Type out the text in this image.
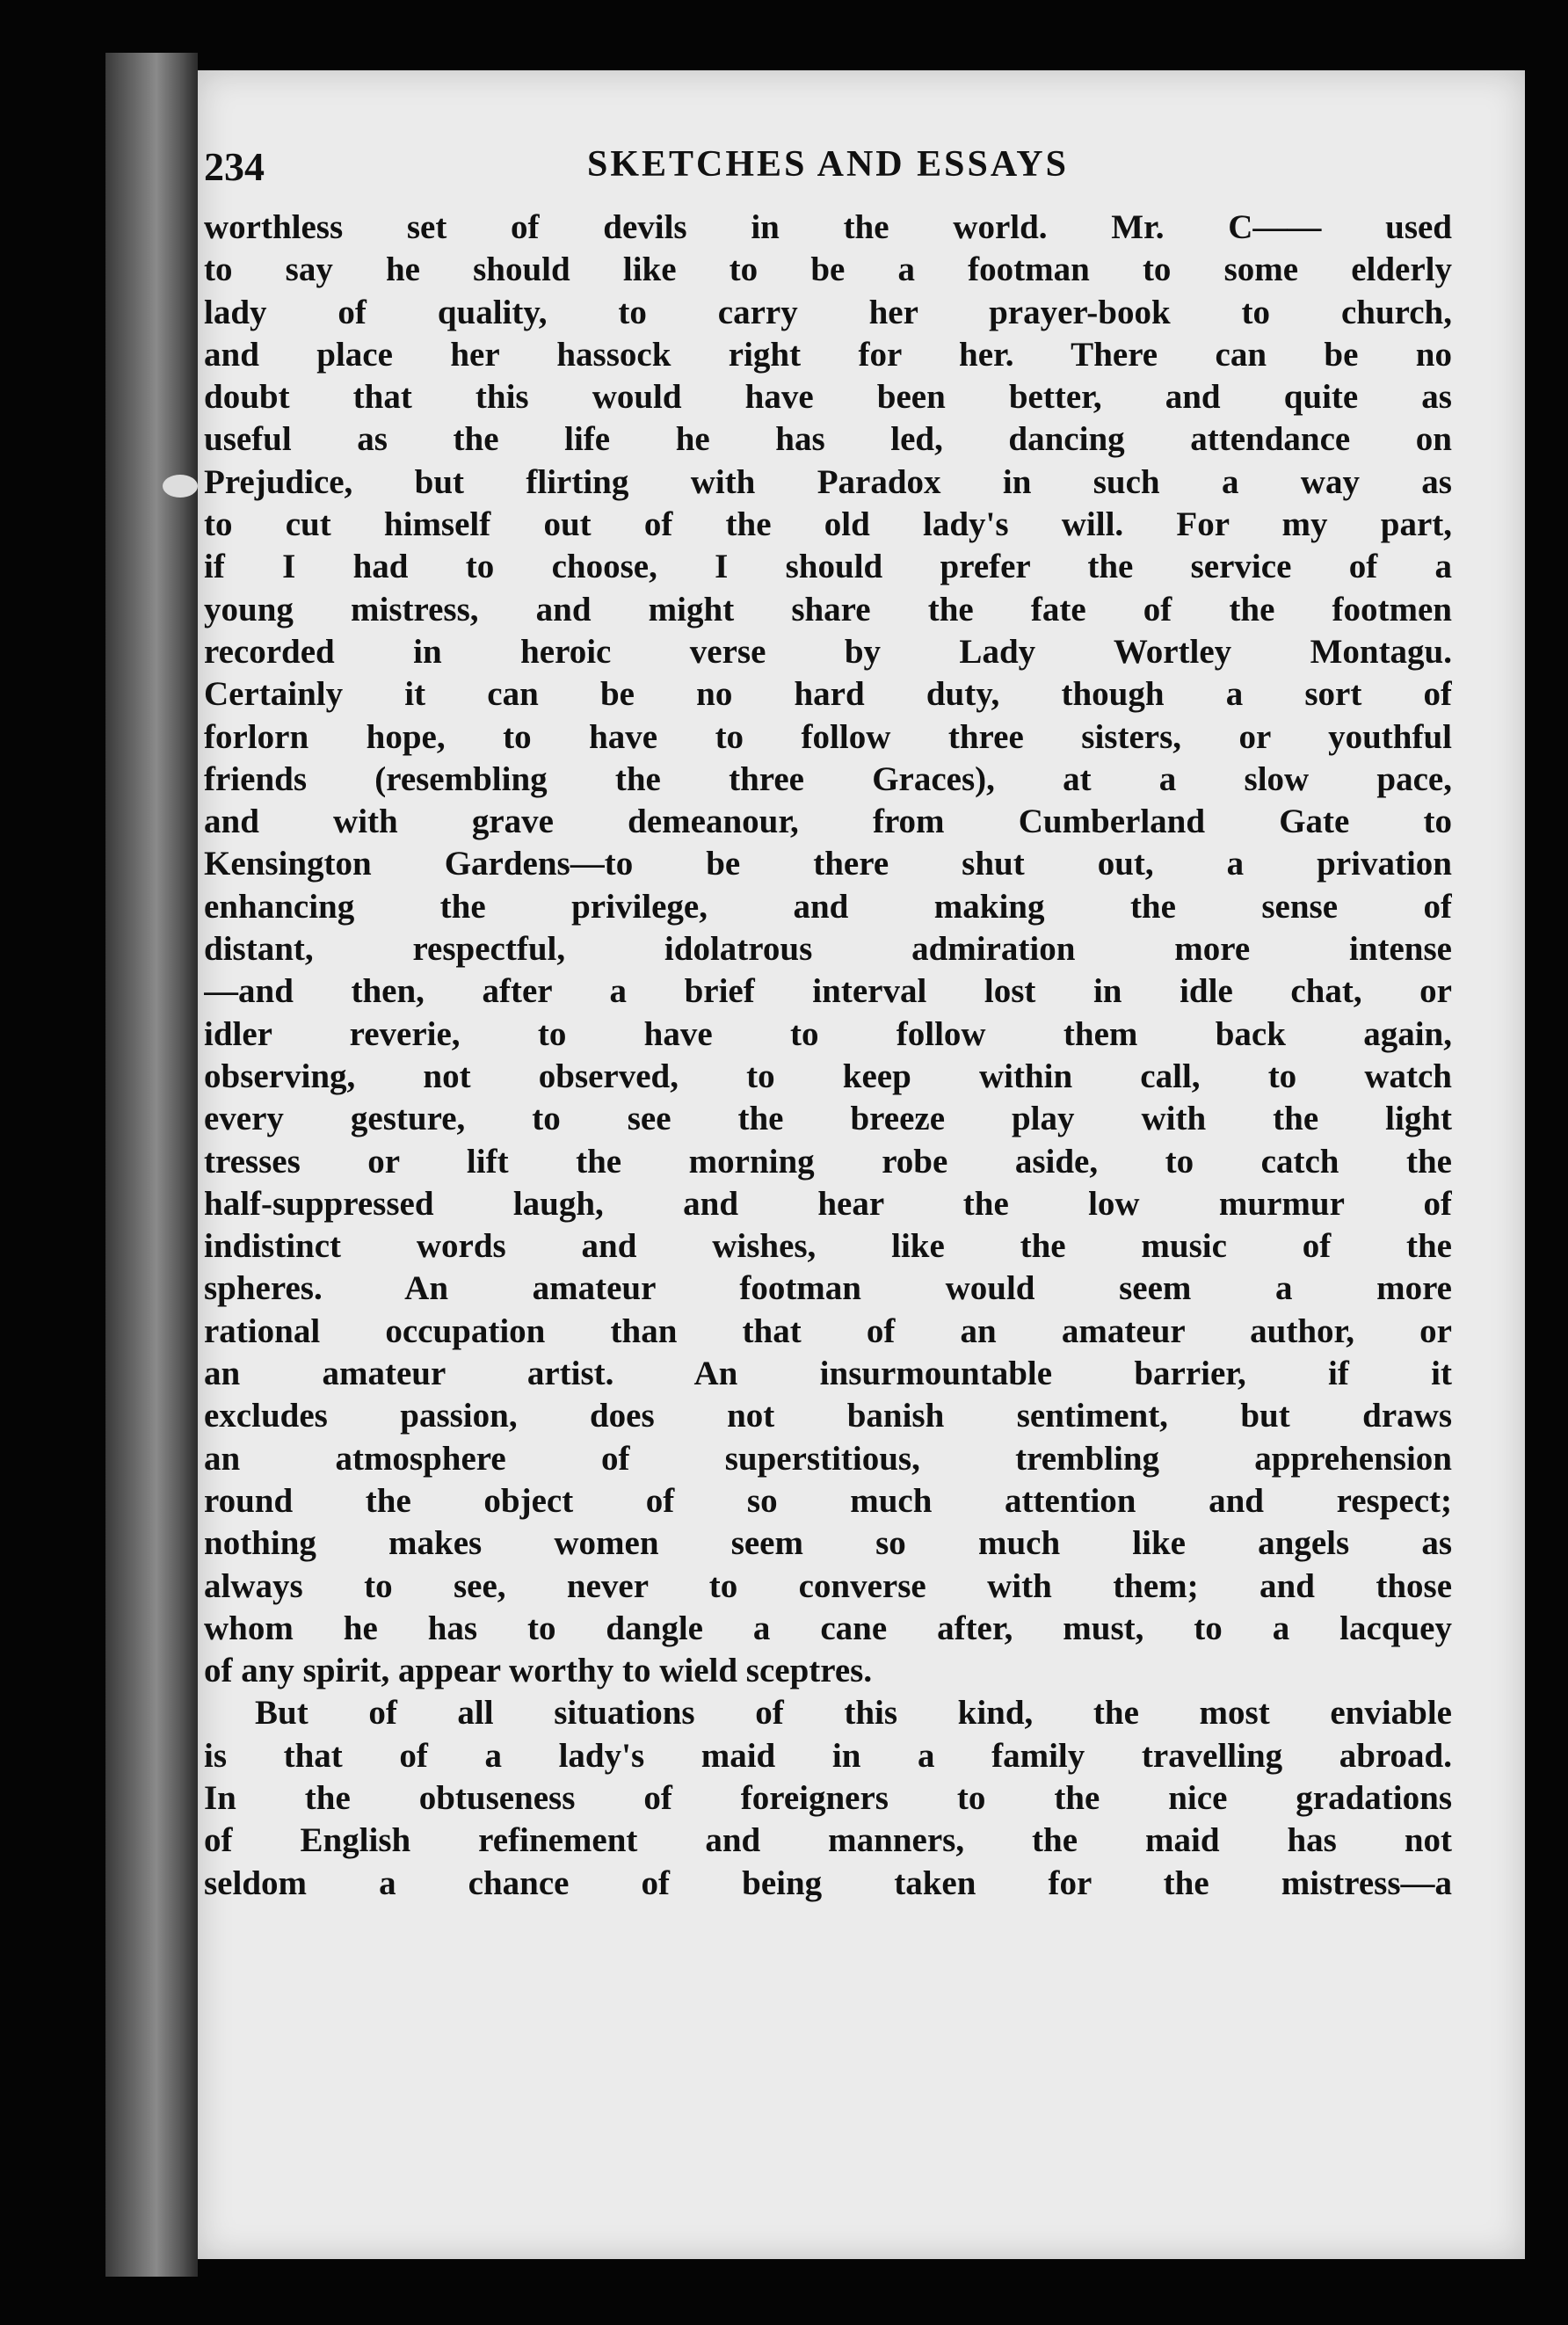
234	SKETCHES AND ESSAYS
worthless set of devils in the world. Mr. C—— used
to say he should like to be a footman to some elderly
lady of quality, to carry her prayer-book to church,
and place her hassock right for her. There can be no
doubt that this would have been better, and quite as
useful as the life he has led, dancing attendance on
Prejudice, but flirting with Paradox in such a way as
to cut himself out of the old lady's will. For my part,
if I had to choose, I should prefer the service of a
young mistress, and might share the fate of the footmen
recorded in heroic verse by Lady Wortley Montagu.
Certainly it can be no hard duty, though a sort of
forlorn hope, to have to follow three sisters, or youthful
friends (resembling the three Graces), at a slow pace,
and with grave demeanour, from Cumberland Gate to
Kensington Gardens—to be there shut out, a privation
enhancing the privilege, and making the sense of
distant, respectful, idolatrous admiration more intense
—and then, after a brief interval lost in idle chat, or
idler reverie, to have to follow them back again,
observing, not observed, to keep within call, to watch
every gesture, to see the breeze play with the light
tresses or lift the morning robe aside, to catch the
half-suppressed laugh, and hear the low murmur of
indistinct words and wishes, like the music of the
spheres. An amateur footman would seem a more
rational occupation than that of an amateur author, or
an amateur artist. An insurmountable barrier, if it
excludes passion, does not banish sentiment, but draws
an atmosphere of superstitious, trembling apprehension
round the object of so much attention and respect;
nothing makes women seem so much like angels as
always to see, never to converse with them; and those
whom he has to dangle a cane after, must, to a lacquey
of any spirit, appear worthy to wield sceptres.
But of all situations of this kind, the most enviable
is that of a lady's maid in a family travelling abroad.
In the obtuseness of foreigners to the nice gradations
of English refinement and manners, the maid has not
seldom a chance of being taken for the mistress—a
